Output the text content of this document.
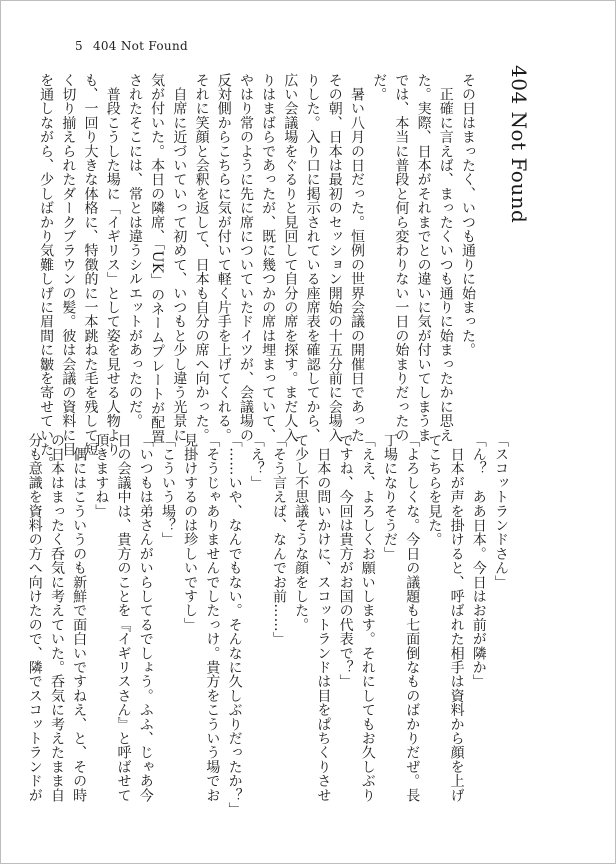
5 404 Not Found
404 Not Found
その日はまったく、いつも通りに始まった。
　正確に言えば、まったくいつも通りに始まったかに思え
た。実際、日本がそれまでとの違いに気が付いてしまうま
では、本当に普段と何ら変わりない一日の始まりだったの
だ。
　暑い八月の日だった。恒例の世界会議の開催日であった
その朝、日本は最初のセッション開始の十五分前に会場入
りした。入り口に掲示されている座席表を確認してから、
広い会議場をぐるりと見回して自分の席を探す。まだ人入
りはまばらであったが、既に幾つかの席は埋まっていて、
やはり常のように先に席についていたドイツが、会議場の
反対側からこちらに気が付いて軽く片手を上げてくれる。
それに笑顔と会釈を返して、日本も自分の席へ向かった。
　自席に近づいていって初めて、いつもと少し違う光景に
気が付いた。本日の隣席、「UK」のネームプレートが配置
されたそこには、常とは違うシルエットがあったのだ。
　普段こうした場に「イギリス」として姿を見せる人物より
も、一回り大きな体格に、特徴的に一本跳ねた毛を残して短
く切り揃えられたダークブラウンの髪。彼は会議の資料に目
を通しながら、少しばかり気難しげに眉間に皺を寄せていた。
「スコットランドさん」
「ん？　ああ日本。今日はお前が隣か」
　日本が声を掛けると、呼ばれた相手は資料から顔を上げ
てこちらを見た。
「よろしくな。今日の議題も七面倒なものばかりだぜ。長
丁場になりそうだ」
「ええ、よろしくお願いします。それにしてもお久しぶり
ですね、今回は貴方がお国の代表で？」
　日本の問いかけに、スコットランドは目をぱちくりさせ
て少し不思議そうな顔をした。
「そう言えば、なんでお前……」
「え？」
「……いや、なんでもない。そんなに久しぶりだったか？」
「そうじゃありませんでしたっけ。貴方をこういう場でお
見掛けするのは珍しいですし」
「こういう場？」
「いつもは弟さんがいらしてるでしょう。ふふ、じゃあ今
日の会議中は、貴方のことを『イギリスさん』と呼ばせて
頂きますね」
　偶にはこういうのも新鮮で面白いですねえ、と、その時
の日本はまったく呑気に考えていた。呑気に考えたまま自
分も意識を資料の方へ向けたので、隣でスコットランドが
